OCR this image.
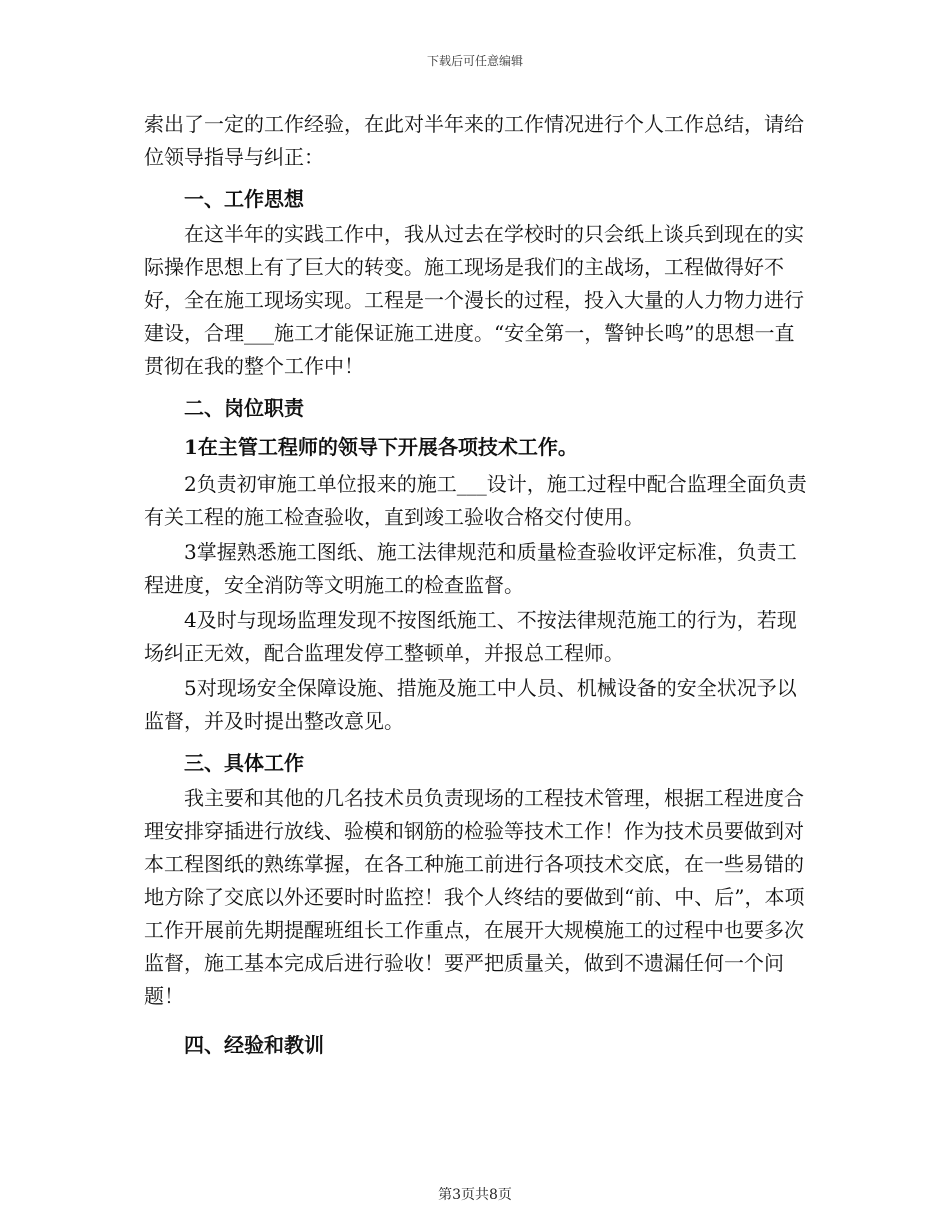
下载后可任意编辑

索出了一定的工作经验，在此对半年来的工作情况进行个人工作总结，请给位领导指导与纠正：

一、工作思想

在这半年的实践工作中，我从过去在学校时的只会纸上谈兵到现在的实际操作思想上有了巨大的转变。施工现场是我们的主战场，工程做得好不好，全在施工现场实现。工程是一个漫长的过程，投入大量的人力物力进行建设，合理___施工才能保证施工进度。“安全第一，警钟长鸣”的思想一直贯彻在我的整个工作中！

二、岗位职责

1在主管工程师的领导下开展各项技术工作。

2负责初审施工单位报来的施工___设计，施工过程中配合监理全面负责有关工程的施工检查验收，直到竣工验收合格交付使用。

3掌握熟悉施工图纸、施工法律规范和质量检查验收评定标准，负责工程进度，安全消防等文明施工的检查监督。

4及时与现场监理发现不按图纸施工、不按法律规范施工的行为，若现场纠正无效，配合监理发停工整顿单，并报总工程师。

5对现场安全保障设施、措施及施工中人员、机械设备的安全状况予以监督，并及时提出整改意见。

三、具体工作

我主要和其他的几名技术员负责现场的工程技术管理，根据工程进度合理安排穿插进行放线、验模和钢筋的检验等技术工作！作为技术员要做到对本工程图纸的熟练掌握，在各工种施工前进行各项技术交底，在一些易错的地方除了交底以外还要时时监控！我个人终结的要做到“前、中、后”，本项工作开展前先期提醒班组长工作重点，在展开大规模施工的过程中也要多次监督，施工基本完成后进行验收！要严把质量关，做到不遗漏任何一个问题！

四、经验和教训

第3页共8页
